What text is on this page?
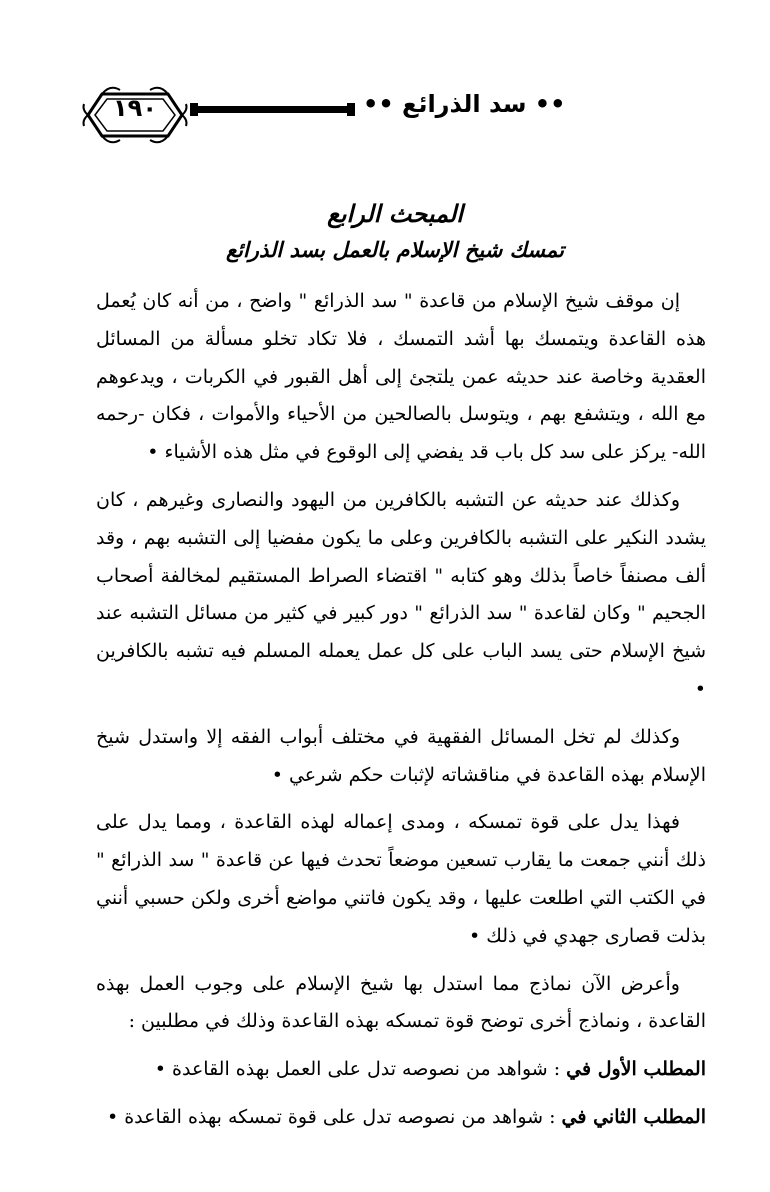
١٩٠	•• سد الذرائع ••
المبحث الرابع
تمسك شيخ الإسلام بالعمل بسد الذرائع

إن موقف شيخ الإسلام من قاعدة " سد الذرائع " واضح ، من أنه كان يُعمل هذه القاعدة ويتمسك بها أشد التمسك ، فلا تكاد تخلو مسألة من المسائل العقدية وخاصة عند حديثه عمن يلتجئ إلى أهل القبور في الكربات ، ويدعوهم مع الله ، ويتشفع بهم ، ويتوسل بالصالحين من الأحياء والأموات ، فكان -رحمه الله- يركز على سد كل باب قد يفضي إلى الوقوع في مثل هذه الأشياء •

وكذلك عند حديثه عن التشبه بالكافرين من اليهود والنصارى وغيرهم ، كان يشدد النكير على التشبه بالكافرين وعلى ما يكون مفضيا إلى التشبه بهم ، وقد ألف مصنفاً خاصاً بذلك وهو كتابه " اقتضاء الصراط المستقيم لمخالفة أصحاب الجحيم " وكان لقاعدة " سد الذرائع " دور كبير في كثير من مسائل التشبه عند شيخ الإسلام حتى يسد الباب على كل عمل يعمله المسلم فيه تشبه بالكافرين •

وكذلك لم تخل المسائل الفقهية في مختلف أبواب الفقه إلا واستدل شيخ الإسلام بهذه القاعدة في مناقشاته لإثبات حكم شرعي •

فهذا يدل على قوة تمسكه ، ومدى إعماله لهذه القاعدة ، ومما يدل على ذلك أنني جمعت ما يقارب تسعين موضعاً تحدث فيها عن قاعدة " سد الذرائع " في الكتب التي اطلعت عليها ، وقد يكون فاتني مواضع أخرى ولكن حسبي أنني بذلت قصارى جهدي في ذلك •

وأعرض الآن نماذج مما استدل بها شيخ الإسلام على وجوب العمل بهذه القاعدة ، ونماذج أخرى توضح قوة تمسكه بهذه القاعدة وذلك في مطلبين :

المطلب الأول في : شواهد من نصوصه تدل على العمل بهذه القاعدة •

المطلب الثاني في : شواهد من نصوصه تدل على قوة تمسكه بهذه القاعدة •
